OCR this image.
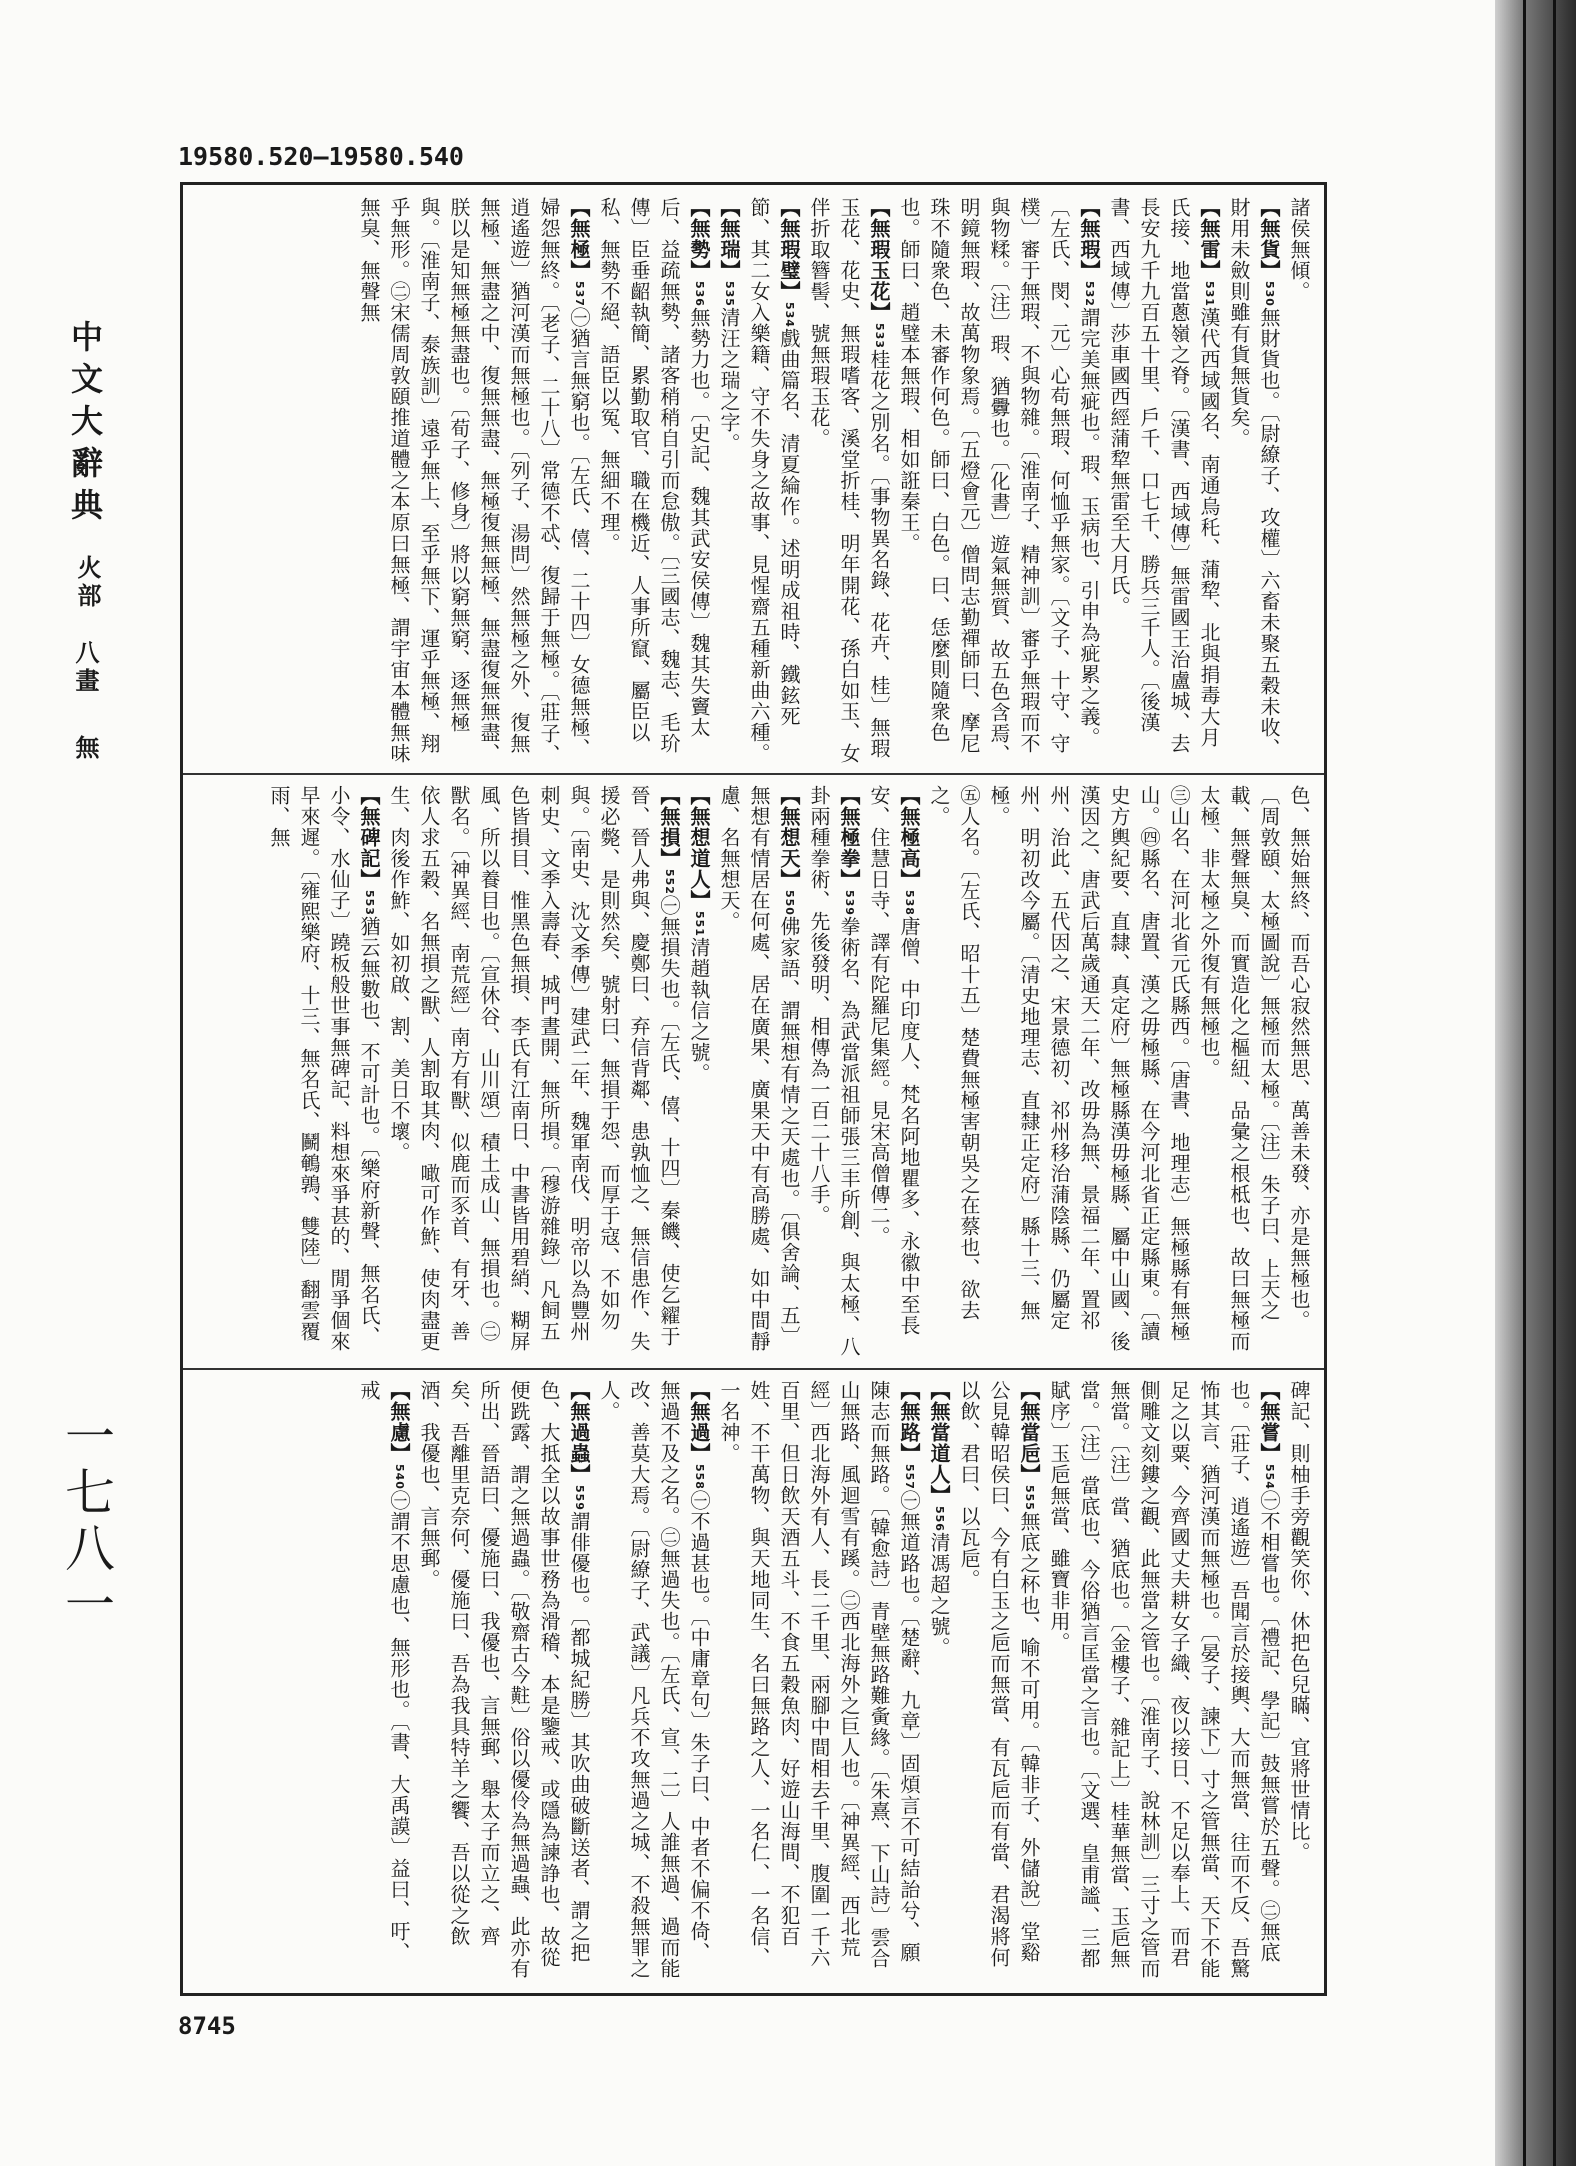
19580.520—19580.540
中文大辭典
火部
八畫
無
一七八一

諸侯無傾。

【無貨】530無財貨也。〔尉繚子、攻權〕六畜未聚五穀未收、財用未斂則雖有貨無貨矣。

【無雷】531漢代西域國名、南通烏秅、蒲犂、北與捐毒大月氏接、地當蔥嶺之脊。〔漢書、西域傳〕無雷國王治盧城、去長安九千九百五十里、戶千、口七千、勝兵三千人。〔後漢書、西域傳〕莎車國西經蒲犂無雷至大月氏。

【無瑕】532謂完美無疵也。瑕、玉病也、引申為疵累之義。〔左氏、閔、元〕心苟無瑕、何恤乎無家。〔文子、十守、守樸〕審于無瑕、不與物雜。〔淮南子、精神訓〕審乎無瑕而不與物糅。〔注〕瑕、猶釁也。〔化書〕遊氣無質、故五色含焉、明鏡無瑕、故萬物象焉。〔五燈會元〕僧問志勤禪師曰、摩尼珠不隨衆色、未審作何色。師曰、白色。曰、恁麼則隨衆色也。師曰、趙璧本無瑕、相如誑秦王。

【無瑕玉花】533桂花之別名。〔事物異名錄、花卉、桂〕無瑕玉花、花史、無瑕嗜客、溪堂折桂、明年開花、孫白如玉、女伴折取簪髻、號無瑕玉花。

【無瑕璧】534戲曲篇名、清夏綸作。述明成祖時、鐵鉉死節、其二女入樂籍、守不失身之故事、見惺齋五種新曲六種。

【無瑞】535清汪之瑞之字。

【無勢】536無勢力也。〔史記、魏其武安侯傳〕魏其失竇太后、益疏無勢、諸客稍稍自引而怠傲。〔三國志、魏志、毛玠傳〕臣垂齠執簡、累勤取官、職在機近、人事所竄、屬臣以私、無勢不絕、語臣以冤、無細不理。

【無極】537㊀猶言無窮也。〔左氏、僖、二十四〕女德無極、婦怨無終。〔老子、二十八〕常德不忒、復歸于無極。〔莊子、逍遙遊〕猶河漢而無極也。〔列子、湯問〕然無極之外、復無無極、無盡之中、復無無盡、無極復無無極、無盡復無無盡、朕以是知無極無盡也。〔荀子、修身〕將以窮無窮、逐無極與。〔淮南子、泰族訓〕遠乎無上、至乎無下、運乎無極、翔乎無形。㊁宋儒周敦頤推道體之本原曰無極、謂宇宙本體無味無臭、無聲無

色、無始無終、而吾心寂然無思、萬善未發、亦是無極也。〔周敦頤、太極圖說〕無極而太極。〔注〕朱子曰、上天之載、無聲無臭、而實造化之樞紐、品彙之根柢也、故曰無極而太極、非太極之外復有無極也。

㊂山名、在河北省元氏縣西。〔唐書、地理志〕無極縣有無極山。㊃縣名、唐置、漢之毋極縣、在今河北省正定縣東。〔讀史方輿紀要、直隸、真定府〕無極縣漢毋極縣、屬中山國、後漢因之、唐武后萬歲通天二年、改毋為無、景福二年、置祁州、治此、五代因之、宋景德初、祁州移治蒲陰縣、仍屬定州、明初改今屬。〔清史地理志、直隸正定府〕縣十三、無極。

㊄人名。〔左氏、昭十五〕楚費無極害朝吳之在蔡也、欲去之。

【無極高】538唐僧、中印度人、梵名阿地瞿多、永徽中至長安、住慧日寺、譯有陀羅尼集經。見宋高僧傳二。

【無極拳】539拳術名、為武當派祖師張三丰所創、與太極、八卦兩種拳術、先後發明、相傳為一百二十八手。

【無想天】550佛家語、謂無想有情之天處也。〔俱舍論、五〕無想有情居在何處、居在廣果、廣果天中有高勝處、如中間靜慮、名無想天。

【無想道人】551清趙執信之號。

【無損】552㊀無損失也。〔左氏、僖、十四〕秦饑、使乞糴于晉、晉人弗與、慶鄭曰、弃信背鄰、患孰恤之、無信患作、失援必斃、是則然矣、號射曰、無損于怨、而厚于寇、不如勿與。〔南史、沈文季傳〕建武二年、魏軍南伐、明帝以為豐州刺史、文季入壽春、城門晝開、無所損。〔穆游雜錄〕凡飼五色皆損目、惟黑色無損、李氏有江南日、中書皆用碧綃、糊屏風、所以養目也。〔宣休谷、山川頌〕積土成山、無損也。㊁獸名。〔神異經、南荒經〕南方有獸、似鹿而豕首、有牙、善依人求五穀、名無損之獸、人割取其肉、噉可作鮓、使肉盡更生、肉後作鮓、如初啟、割、美日不壞。

【無碑記】553猶云無數也、不可計也。〔樂府新聲、無名氏、小令、水仙子〕蹺板般世事無碑記、料想來爭甚的、閒爭個來早來遲。〔雍熙樂府、十三、無名氏、鬭鵪鶉、雙陸〕翻雲覆雨、無

碑記、則柚手旁觀笑你、休把色兒瞞、宜將世情比。

【無嘗】554㊀不相嘗也。〔禮記、學記〕鼓無嘗於五聲。㊁無底也。〔莊子、逍遙遊〕吾聞言於接輿、大而無當、往而不反、吾驚怖其言、猶河漢而無極也。〔晏子、諫下〕寸之管無當、天下不能足之以粟、今齊國丈夫耕女子織、夜以接日、不足以奉上、而君側雕文刻鏤之觀、此無當之管也。〔淮南子、說林訓〕三寸之管而無當。〔注〕當、猶底也。〔金樓子、雜記上〕桂華無當、玉巵無當。〔注〕當底也、今俗猶言匡當之言也。〔文選、皇甫謐、三都賦序〕玉巵無當、雖寶非用。

【無當巵】555無底之杯也、喻不可用。〔韓非子、外儲說〕堂谿公見韓昭侯曰、今有白玉之巵而無當、有瓦巵而有當、君渴將何以飲、君曰、以瓦巵。

【無當道人】556清馮超之號。

【無路】557㊀無道路也。〔楚辭、九章〕固煩言不可結詒兮、願陳志而無路。〔韓愈詩〕青壁無路難夤緣。〔朱熹、下山詩〕雲合山無路、風迴雪有蹊。㊁西北海外之巨人也。〔神異經、西北荒經〕西北海外有人、長二千里、兩腳中間相去千里、腹圍一千六百里、但日飲天酒五斗、不食五穀魚肉、好遊山海間、不犯百姓、不干萬物、與天地同生、名曰無路之人、一名仁、一名信、一名神。

【無過】558㊀不過甚也。〔中庸章句〕朱子曰、中者不偏不倚、無過不及之名。㊁無過失也。〔左氏、宣、二〕人誰無過、過而能改、善莫大焉。〔尉繚子、武議〕凡兵不攻無過之城、不殺無罪之人。

【無過蟲】559謂俳優也。〔都城紀勝〕其吹曲破斷送者、謂之把色、大抵全以故事世務為滑稽、本是鑒戒、或隱為諫諍也、故從便跣露、謂之無過蟲。〔敬齋古今黈〕俗以優伶為無過蟲、此亦有所出、晉語曰、優施曰、我優也、言無郵、舉太子而立之、齊矣、吾離里克奈何、優施曰、吾為我具特羊之饗、吾以從之飲酒、我優也、言無郵。

【無慮】540㊀謂不思慮也、無形也。〔書、大禹謨〕益曰、吁、戒

8745
